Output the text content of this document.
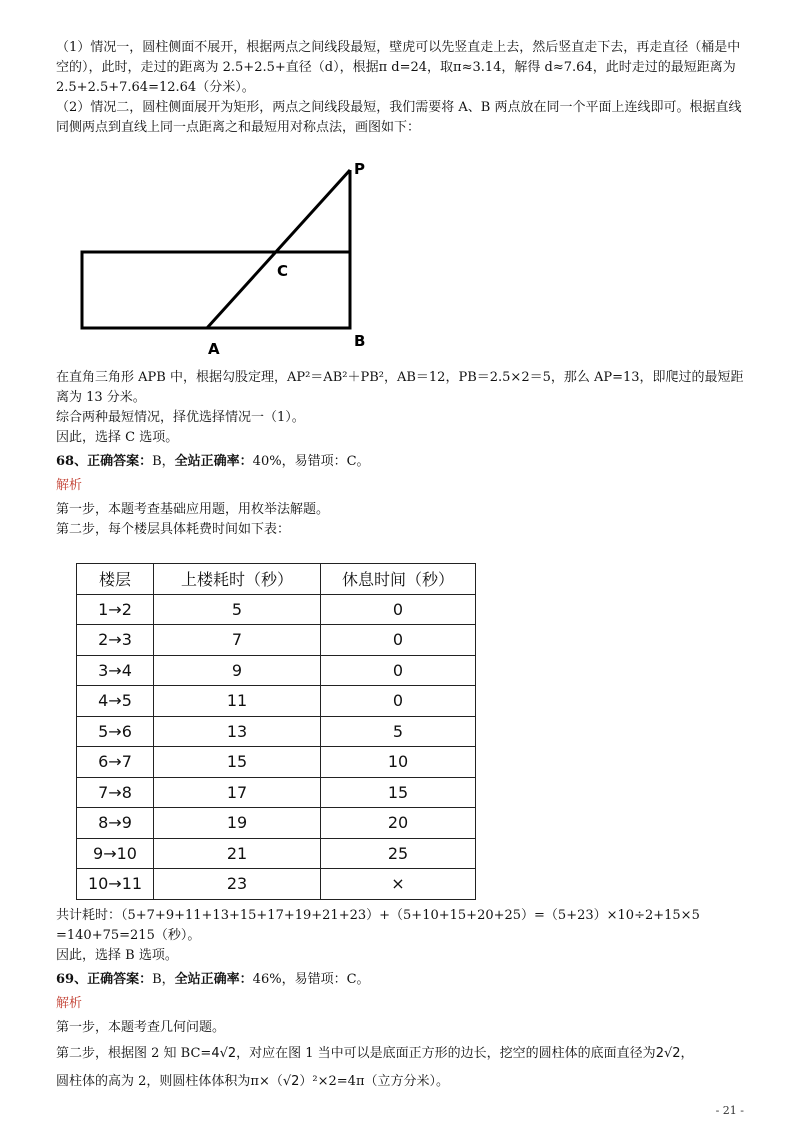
（1）情况一，圆柱侧面不展开，根据两点之间线段最短，壁虎可以先竖直走上去，然后竖直走下去，再走直径（桶是中空的），此时，走过的距离为 2.5+2.5+直径（d），根据π d=24，取π≈3.14，解得 d≈7.64，此时走过的最短距离为 2.5+2.5+7.64=12.64（分米）。

（2）情况二，圆柱侧面展开为矩形，两点之间线段最短，我们需要将 A、B 两点放在同一个平面上连线即可。根据直线同侧两点到直线上同一点距离之和最短用对称点法，画图如下：

P
C
A	B

在直角三角形 APB 中，根据勾股定理，AP²＝AB²＋PB²，AB＝12，PB＝2.5×2＝5，那么 AP=13，即爬过的最短距离为 13 分米。

综合两种最短情况，择优选择情况一（1）。

因此，选择 C 选项。

68、正确答案：B，全站正确率：40%，易错项：C。

解析

第一步，本题考查基础应用题，用枚举法解题。

第二步，每个楼层具体耗费时间如下表：

楼层	上楼耗时（秒）	休息时间（秒）
1→2	5	0
2→3	7	0
3→4	9	0
4→5	11	0
5→6	13	5
6→7	15	10
7→8	17	15
8→9	19	20
9→10	21	25
10→11	23	×

共计耗时：（5+7+9+11+13+15+17+19+21+23）+（5+10+15+20+25）=（5+23）×10÷2+15×5 =140+75=215（秒）。

因此，选择 B 选项。

69、正确答案：B，全站正确率：46%，易错项：C。

解析

第一步，本题考查几何问题。

第二步，根据图 2 知 BC=4√2，对应在图 1 当中可以是底面正方形的边长，挖空的圆柱体的底面直径为2√2，

圆柱体的高为 2，则圆柱体体积为π×（√2）²×2=4π（立方分米）。

- 21 -
